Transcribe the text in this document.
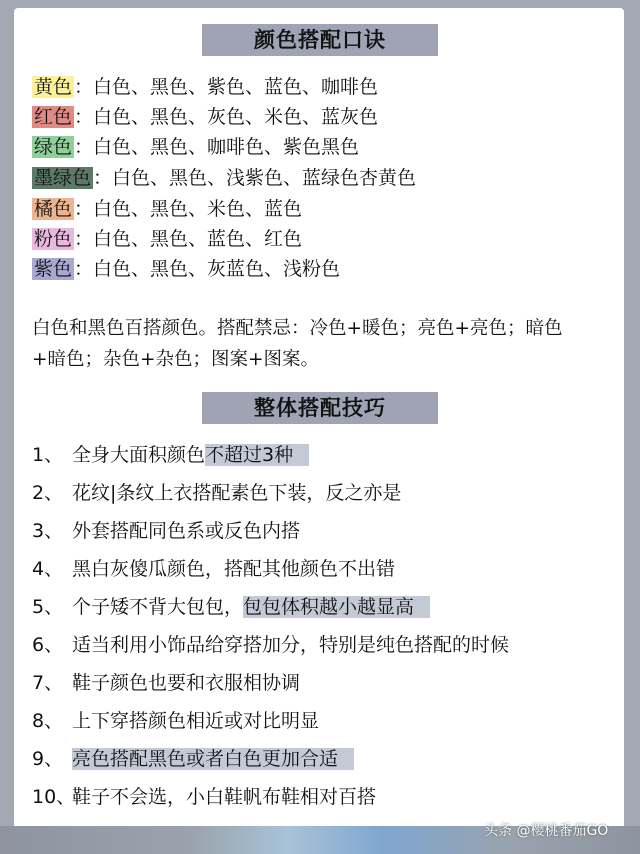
颜色搭配口诀
黄色 ：白色、黑色、紫色、蓝色、咖啡色
红色 ：白色、黑色、灰色、米色、蓝灰色
绿色 ：白色、黑色、咖啡色、紫色黑色
墨绿色 ：白色、黑色、浅紫色、蓝绿色杏黄色
橘色 ：白色、黑色、米色、蓝色
粉色 ：白色、黑色、蓝色、红色
紫色 ：白色、黑色、灰蓝色、浅粉色
白色和黑色百搭颜色。搭配禁忌：冷色+暖色；亮色+亮色；暗色
+暗色；杂色+杂色；图案+图案。
整体搭配技巧
1、 全身大面积颜色不超过3种
2、 花纹|条纹上衣搭配素色下装，反之亦是
3、 外套搭配同色系或反色内搭
4、 黑白灰傻瓜颜色，搭配其他颜色不出错
5、 个子矮不背大包包，包包体积越小越显高
6、 适当利用小饰品给穿搭加分，特别是纯色搭配的时候
7、 鞋子颜色也要和衣服相协调
8、 上下穿搭颜色相近或对比明显
9、 亮色搭配黑色或者白色更加合适
10、鞋子不会选，小白鞋帆布鞋相对百搭
头条 @樱桃番茄GO
